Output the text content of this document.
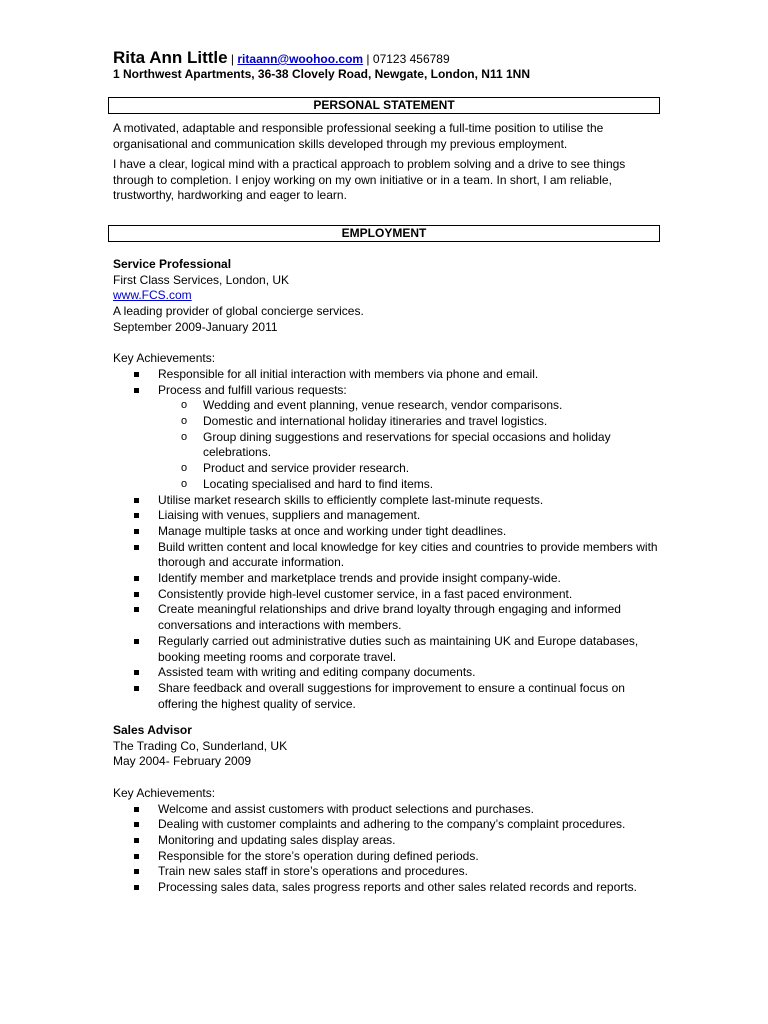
Rita Ann Little | ritaann@woohoo.com | 07123 456789
1 Northwest Apartments, 36-38 Clovely Road, Newgate, London, N11 1NN
PERSONAL STATEMENT
A motivated, adaptable and responsible professional seeking a full-time position to utilise the organisational and communication skills developed through my previous employment.
I have a clear, logical mind with a practical approach to problem solving and a drive to see things through to completion. I enjoy working on my own initiative or in a team. In short, I am reliable, trustworthy, hardworking and eager to learn.
EMPLOYMENT
Service Professional
First Class Services, London, UK
www.FCS.com
A leading provider of global concierge services.
September 2009-January 2011
Key Achievements:
Responsible for all initial interaction with members via phone and email.
Process and fulfill various requests:
o Wedding and event planning, venue research, vendor comparisons.
o Domestic and international holiday itineraries and travel logistics.
o Group dining suggestions and reservations for special occasions and holiday celebrations.
o Product and service provider research.
o Locating specialised and hard to find items.
Utilise market research skills to efficiently complete last-minute requests.
Liaising with venues, suppliers and management.
Manage multiple tasks at once and working under tight deadlines.
Build written content and local knowledge for key cities and countries to provide members with thorough and accurate information.
Identify member and marketplace trends and provide insight company-wide.
Consistently provide high-level customer service, in a fast paced environment.
Create meaningful relationships and drive brand loyalty through engaging and informed conversations and interactions with members.
Regularly carried out administrative duties such as maintaining UK and Europe databases, booking meeting rooms and corporate travel.
Assisted team with writing and editing company documents.
Share feedback and overall suggestions for improvement to ensure a continual focus on offering the highest quality of service.
Sales Advisor
The Trading Co, Sunderland, UK
May 2004- February 2009
Key Achievements:
Welcome and assist customers with product selections and purchases.
Dealing with customer complaints and adhering to the company’s complaint procedures.
Monitoring and updating sales display areas.
Responsible for the store’s operation during defined periods.
Train new sales staff in store’s operations and procedures.
Processing sales data, sales progress reports and other sales related records and reports.
